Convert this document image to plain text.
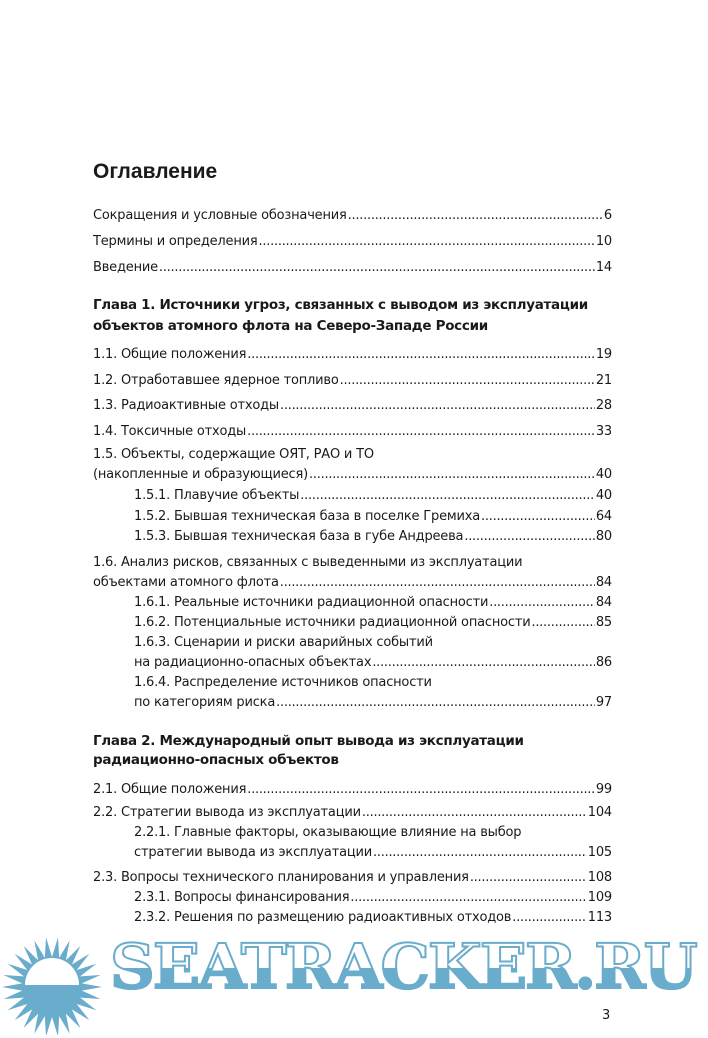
Оглавление
Глава 1. Источники угроз, связанных с выводом из эксплуатации
объектов атомного флота на Северо-Западе России
Глава 2. Международный опыт вывода из эксплуатации
радиационно-опасных объектов
Сокращения и условные обозначения . . .	6
Термины и определения . . .	10
Введение . . .	14
1.1. Общие положения . . .	19
1.2. Отработавшее ядерное топливо . . .	21
1.3. Радиоактивные отходы . . .	28
1.4. Токсичные отходы . . .	33
1.5. Объекты, содержащие ОЯТ, РАО и ТО
(накопленные и образующиеся) . . .	40
1.5.1. Плавучие объекты . . .	40
1.5.2. Бывшая техническая база в поселке Гремиха . . .	64
1.5.3. Бывшая техническая база в губе Андреева . . .	80
1.6. Анализ рисков, связанных с выведенными из эксплуатации
объектами атомного флота . . .	84
1.6.1. Реальные источники радиационной опасности . . .	84
1.6.2. Потенциальные источники радиационной опасности . . .	85
1.6.3. Сценарии и риски аварийных событий
на радиационно-опасных объектах . . .	86
1.6.4. Распределение источников опасности
по категориям риска . . .	97
2.1. Общие положения . . .	99
2.2. Стратегии вывода из эксплуатации . . .	104
2.2.1. Главные факторы, оказывающие влияние на выбор
стратегии вывода из эксплуатации . . .	105
2.3. Вопросы технического планирования и управления . . .	108
2.3.1. Вопросы финансирования . . .	109
2.3.2. Решения по размещению радиоактивных отходов . . .	113
SEATRACKER.RU
3
